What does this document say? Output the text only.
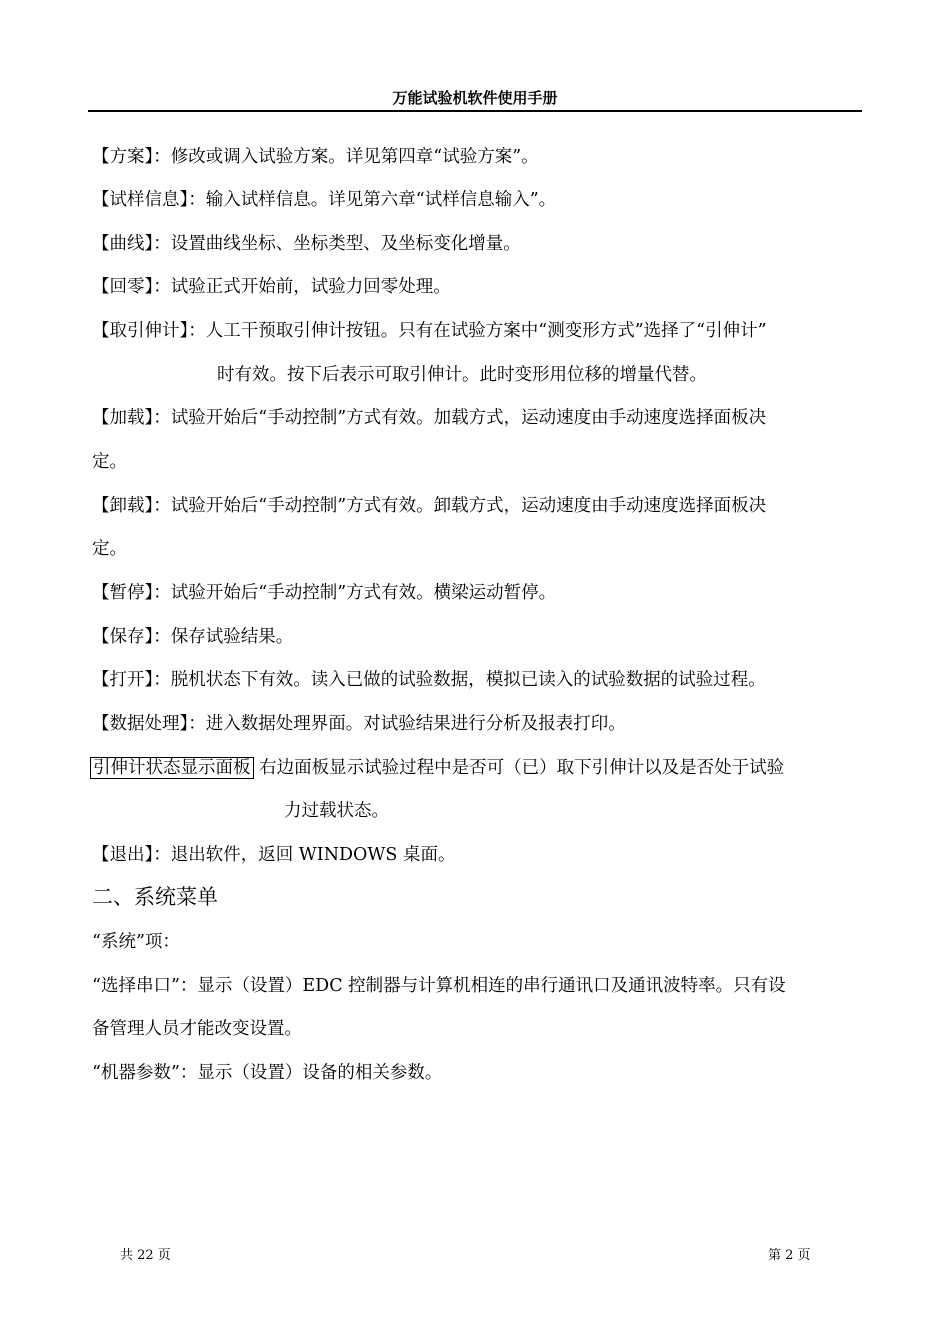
万能试验机软件使用手册
【方案】：修改或调入试验方案。详见第四章“试验方案”。
【试样信息】：输入试样信息。详见第六章“试样信息输入”。
【曲线】：设置曲线坐标、坐标类型、及坐标变化增量。
【回零】：试验正式开始前，试验力回零处理。
【取引伸计】：人工干预取引伸计按钮。只有在试验方案中“测变形方式”选择了“引伸计”
时有效。按下后表示可取引伸计。此时变形用位移的增量代替。
【加载】：试验开始后“手动控制”方式有效。加载方式，运动速度由手动速度选择面板决
定。
【卸载】：试验开始后“手动控制”方式有效。卸载方式，运动速度由手动速度选择面板决
定。
【暂停】：试验开始后“手动控制”方式有效。横梁运动暂停。
【保存】：保存试验结果。
【打开】：脱机状态下有效。读入已做的试验数据，模拟已读入的试验数据的试验过程。
【数据处理】：进入数据处理界面。对试验结果进行分析及报表打印。
引伸计状态显示面板 右边面板显示试验过程中是否可（已）取下引伸计以及是否处于试验
力过载状态。
【退出】：退出软件，返回 WINDOWS 桌面。
二、系统菜单
“系统”项：
“选择串口”：显示（设置）EDC 控制器与计算机相连的串行通讯口及通讯波特率。只有设
备管理人员才能改变设置。
“机器参数”：显示（设置）设备的相关参数。
共 22 页	第 2 页
